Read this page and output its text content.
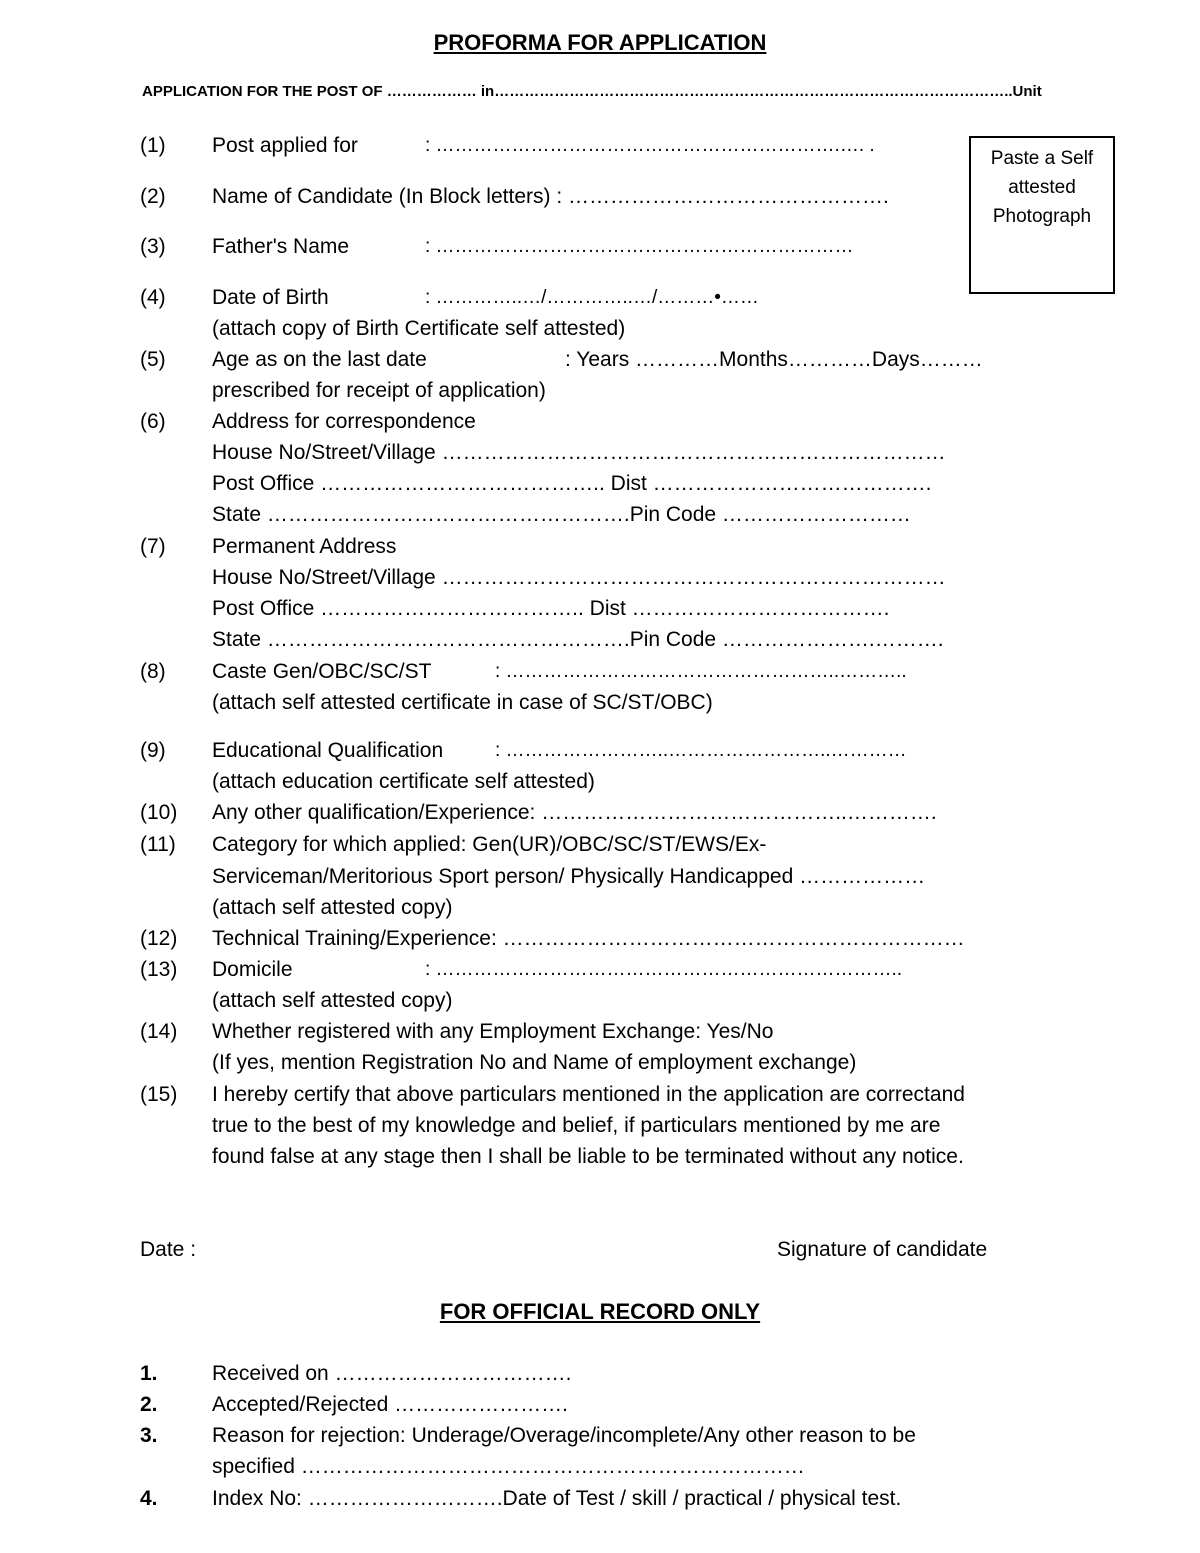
PROFORMA FOR APPLICATION
APPLICATION FOR THE POST OF ……………… in…………………………………………………………………………………………..Unit
Paste a Self
attested
Photograph
(1) Post applied for	: ……………………………………………………….…. .
(2) Name of Candidate (In Block letters) : ……………………………………….
(3) Father's Name	: …………………………………………………………
(4) Date of Birth	: …………..…/…………..…/………•……
(attach copy of Birth Certificate self attested)
(5) Age as on the last date	: Years …………Months…………Days………
prescribed for receipt of application)
(6) Address for correspondence
House No/Street/Village ………………………………………………………………
Post Office ………………………………….. Dist ………………………………….
State …………………………………………….Pin Code ………………………
(7) Permanent Address
House No/Street/Village ………………………………………………………………
Post Office ……………………………….. Dist ……………………………….
State …………………………………………….Pin Code ………………….……….
(8) Caste Gen/OBC/SC/ST	: ……………………………………………..………..
(attach self attested certificate in case of SC/ST/OBC)
(9) Educational Qualification	: ……………………..……………………..…………
(attach education certificate self attested)
(10) Any other qualification/Experience: ……………………………………..………….
(11) Category for which applied: Gen(UR)/OBC/SC/ST/EWS/Ex-
Serviceman/Meritorious Sport person/ Physically Handicapped ………………
(attach self attested copy)
(12) Technical Training/Experience: …………………………………………………………
(13) Domicile	: ………………………………………………………………..
(attach self attested copy)
(14) Whether registered with any Employment Exchange: Yes/No
(If yes, mention Registration No and Name of employment exchange)
(15) I hereby certify that above particulars mentioned in the application are correctand
true to the best of my knowledge and belief, if particulars mentioned by me are
found false at any stage then I shall be liable to be terminated without any notice.
Date :	Signature of candidate
FOR OFFICIAL RECORD ONLY
1.	Received on …………………………….
2.	Accepted/Rejected …………………….
3.	Reason for rejection: Underage/Overage/incomplete/Any other reason to be
specified ………………………………………………………………
4.	Index No: ……………………….Date of Test / skill / practical / physical test.
